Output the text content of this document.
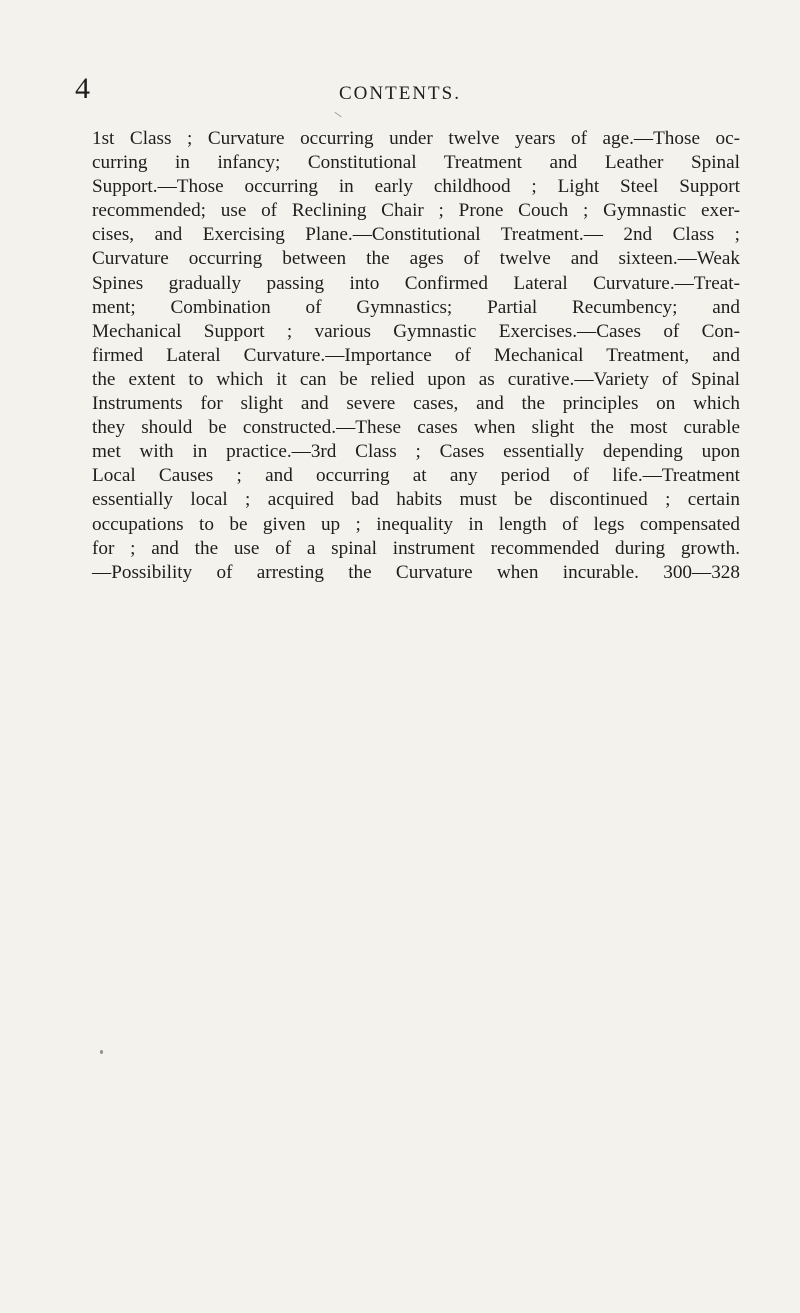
4	CONTENTS.
1st Class ; Curvature occurring under twelve years of age.—Those oc-
curring in infancy; Constitutional Treatment and Leather Spinal
Support.—Those occurring in early childhood ; Light Steel Support
recommended; use of Reclining Chair ; Prone Couch ; Gymnastic exer-
cises, and Exercising Plane.—Constitutional Treatment.— 2nd Class ;
Curvature occurring between the ages of twelve and sixteen.—Weak
Spines gradually passing into Confirmed Lateral Curvature.—Treat-
ment; Combination of Gymnastics; Partial Recumbency; and
Mechanical Support ; various Gymnastic Exercises.—Cases of Con-
firmed Lateral Curvature.—Importance of Mechanical Treatment, and
the extent to which it can be relied upon as curative.—Variety of Spinal
Instruments for slight and severe cases, and the principles on which
they should be constructed.—These cases when slight the most curable
met with in practice.—3rd Class ; Cases essentially depending upon
Local Causes ; and occurring at any period of life.—Treatment
essentially local ; acquired bad habits must be discontinued ; certain
occupations to be given up ; inequality in length of legs compensated
for ; and the use of a spinal instrument recommended during growth.
—Possibility of arresting the Curvature when incurable. 300—328
